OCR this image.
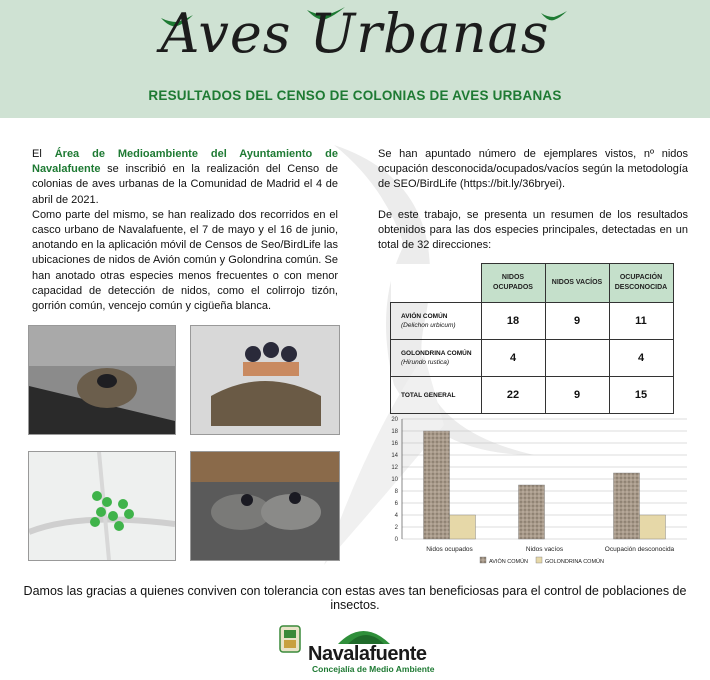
Aves Urbanas
RESULTADOS DEL CENSO DE COLONIAS DE AVES URBANAS
El Área de Medioambiente del Ayuntamiento de Navalafuente se inscribió en la realización del Censo de colonias de aves urbanas de la Comunidad de Madrid el 4 de abril de 2021.
Como parte del mismo, se han realizado dos recorridos en el casco urbano de Navalafuente, el 7 de mayo y el 16 de junio, anotando en la aplicación móvil de Censos de Seo/BirdLife las ubicaciones de nidos de Avión común y Golondrina común. Se han anotado otras especies menos frecuentes o con menor capacidad de detección de nidos, como el colirrojo tizón, gorrión común, vencejo común y cigüeña blanca.
Se han apuntado número de ejemplares vistos, nº nidos ocupación desconocida/ocupados/vacíos según la metodología de SEO/BirdLife (https://bit.ly/36bryei).

De este trabajo, se presenta un resumen de los resultados obtenidos para las dos especies principales, detectadas en un total de 32 direcciones:
	NIDOS OCUPADOS	NIDOS VACÍOS	OCUPACIÓN DESCONOCIDA
AVIÓN COMÚN
(Delichon urbicum)	18	9	11
GOLONDRINA COMÚN
(Hirundo rustica)	4		4
TOTAL GENERAL	22	9	15
0
2
4
6
8
10
12
14
16
18
20
Nidos ocupados	Nidos vacíos	Ocupación desconocida
AVIÓN COMÚN	GOLONDRINA COMÚN
Damos las gracias a quienes conviven con tolerancia con estas aves tan beneficiosas para el control de poblaciones de insectos.
Navalafuente
Concejalía de Medio Ambiente
